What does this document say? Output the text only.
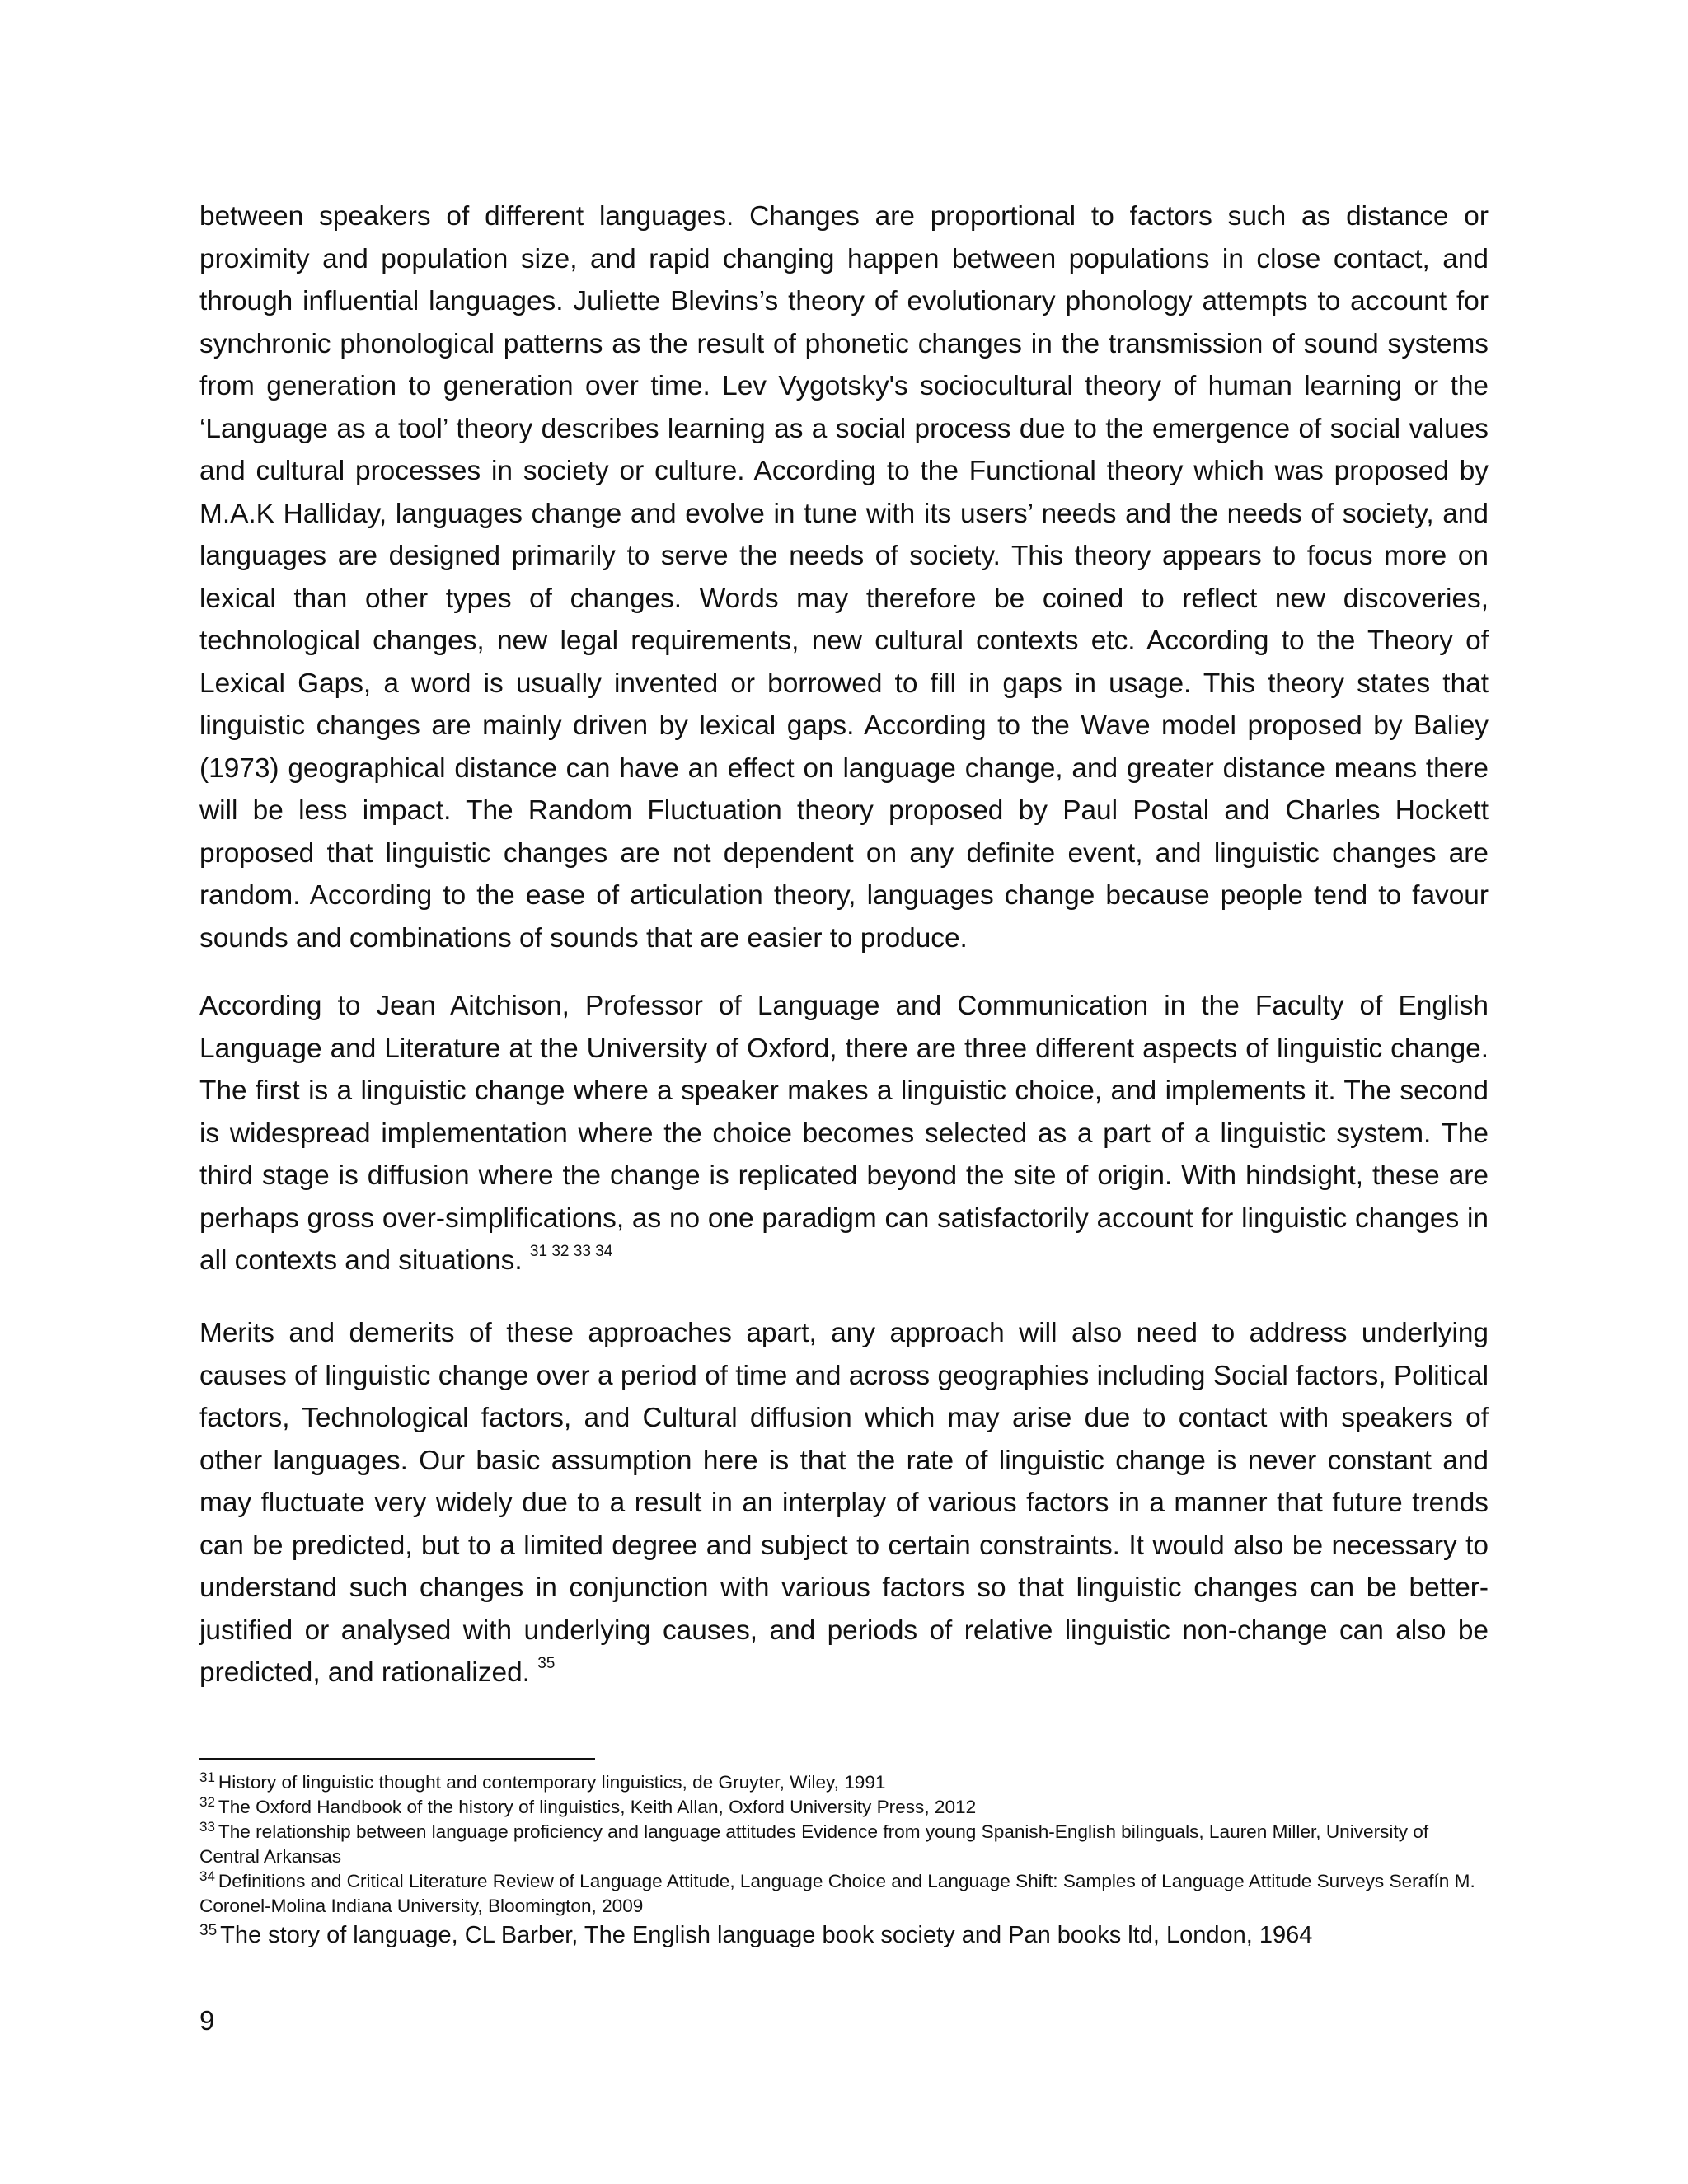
between speakers of different languages. Changes are proportional to factors such as distance or proximity and population size, and rapid changing happen between populations in close contact, and through influential languages. Juliette Blevins’s theory of evolutionary phonology attempts to account for synchronic phonological patterns as the result of phonetic changes in the transmission of sound systems from generation to generation over time. Lev Vygotsky's sociocultural theory of human learning or the ‘Language as a tool’ theory describes learning as a social process due to the emergence of social values and cultural processes in society or culture. According to the Functional theory which was proposed by M.A.K Halliday, languages change and evolve in tune with its users’ needs and the needs of society, and languages are designed primarily to serve the needs of society. This theory appears to focus more on lexical than other types of changes. Words may therefore be coined to reflect new discoveries, technological changes, new legal requirements, new cultural contexts etc. According to the Theory of Lexical Gaps, a word is usually invented or borrowed to fill in gaps in usage. This theory states that linguistic changes are mainly driven by lexical gaps. According to the Wave model proposed by Baliey (1973) geographical distance can have an effect on language change, and greater distance means there will be less impact. The Random Fluctuation theory proposed by Paul Postal and Charles Hockett proposed that linguistic changes are not dependent on any definite event, and linguistic changes are random. According to the ease of articulation theory, languages change because people tend to favour sounds and combinations of sounds that are easier to produce.

According to Jean Aitchison, Professor of Language and Communication in the Faculty of English Language and Literature at the University of Oxford, there are three different aspects of linguistic change. The first is a linguistic change where a speaker makes a linguistic choice, and implements it. The second is widespread implementation where the choice becomes selected as a part of a linguistic system. The third stage is diffusion where the change is replicated beyond the site of origin. With hindsight, these are perhaps gross over-simplifications, as no one paradigm can satisfactorily account for linguistic changes in all contexts and situations. $^{31 32 33 34}$

Merits and demerits of these approaches apart, any approach will also need to address underlying causes of linguistic change over a period of time and across geographies including Social factors, Political factors, Technological factors, and Cultural diffusion which may arise due to contact with speakers of other languages. Our basic assumption here is that the rate of linguistic change is never constant and may fluctuate very widely due to a result in an interplay of various factors in a manner that future trends can be predicted, but to a limited degree and subject to certain constraints. It would also be necessary to understand such changes in conjunction with various factors so that linguistic changes can be better-justified or analysed with underlying causes, and periods of relative linguistic non-change can also be predicted, and rationalized. $^{35}$

$^{31}$ History of linguistic thought and contemporary linguistics, de Gruyter, Wiley, 1991

$^{32}$ The Oxford Handbook of the history of linguistics, Keith Allan, Oxford University Press, 2012

$^{33}$ The relationship between language proficiency and language attitudes Evidence from young Spanish-English bilinguals, Lauren Miller, University of Central Arkansas

$^{34}$ Definitions and Critical Literature Review of Language Attitude, Language Choice and Language Shift: Samples of Language Attitude Surveys Serafín M. Coronel-Molina Indiana University, Bloomington, 2009

$^{35}$ The story of language, CL Barber, The English language book society and Pan books ltd, London, 1964

9
